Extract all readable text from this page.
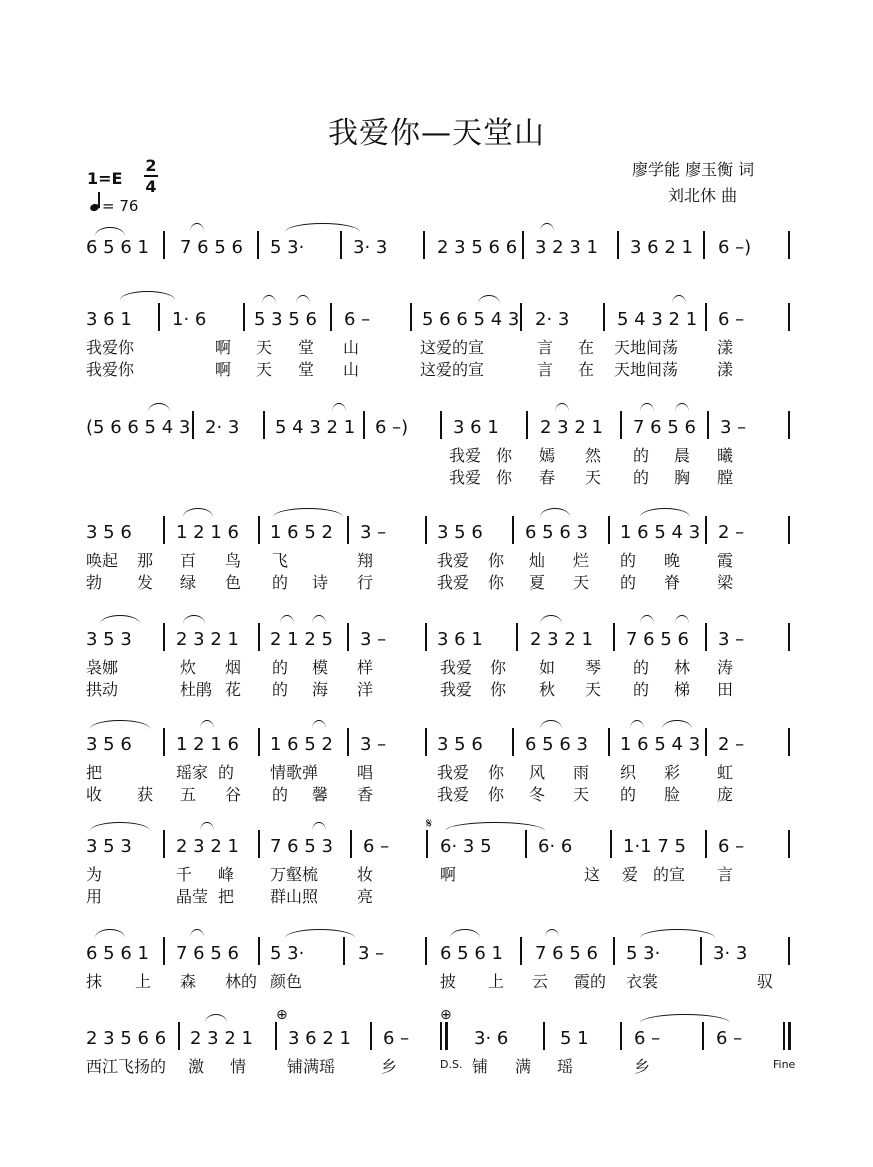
我爱你—天堂山
廖学能 廖玉衡 词
刘北休 曲
1=E
2
4
= 76
6 5 6 1 7 6 5 6 5 3·	3· 3	2 3 5 6 6 3 2 3 1 3 6 2 1 6 –)
3 6 1 1· 6	5 3 5 6 6 –	5 6 6 5 4 3 2· 3	5 4 3 2 1 6 –
我爱你	啊 天 堂 山	这爱的宣	言 在 天地间荡 漾
我爱你	啊 天 堂 山	这爱的宣	言 在 天地间荡 漾
(5 6 6 5 4 3 2· 3 5 4 3 2 1 6 –) 3 6 1 2 3 2 1 7 6 5 6 3 –
我爱 你 嫣 然 的 晨 曦
我爱 你 春 天 的 胸 膛
3 5 6 1 2 1 6 1 6 5 2 3 –	3 5 6 6 5 6 3 1 6 5 4 3 2 –
唤起 那 百 鸟 飞	翔	我爱 你 灿 烂 的 晚 霞
勃 发 绿 色 的 诗 行	我爱 你 夏 天 的 脊 梁
3 5 3 2 3 2 1 2 1 2 5 3 –	3 6 1	2 3 2 1 7 6 5 6 3 –
袅娜	炊 烟 的 模 样	我爱 你 如 琴 的 林 涛
拱动	杜鹃 花 的 海 洋	我爱 你 秋 天 的 梯 田
3 5 6 1 2 1 6 1 6 5 2 3 –	3 5 6 6 5 6 3 1 6 5 4 3 2 –
把	瑶家 的 情歌弹 唱	我爱 你 风 雨 织 彩 虹
收 获 五 谷 的 馨 香	我爱 你 冬 天 的 脸 庞
3 5 3 2 3 2 1 7 6 5 3 6 –
𝄋
6· 3 5	6· 6	1·1 7 5 6 –
为	千 峰 万壑梳 妆	啊	这 爱 的宣 言
用	晶莹 把 群山照 亮
6 5 6 1 7 6 5 6 5 3·	3 –	6 5 6 1 7 6 5 6 5 3·	3· 3
抹 上 森 林的 颜色	披 上 云 霞的 衣裳	驭
2 3 5 6 6 2 3 2 1 3 6 2 1 6 –
⊕	⊕
3· 6	5 1	6 –	6 –
西江飞扬的 激 情	铺满瑶	乡	D.S. 铺 满 瑶	乡	Fine
